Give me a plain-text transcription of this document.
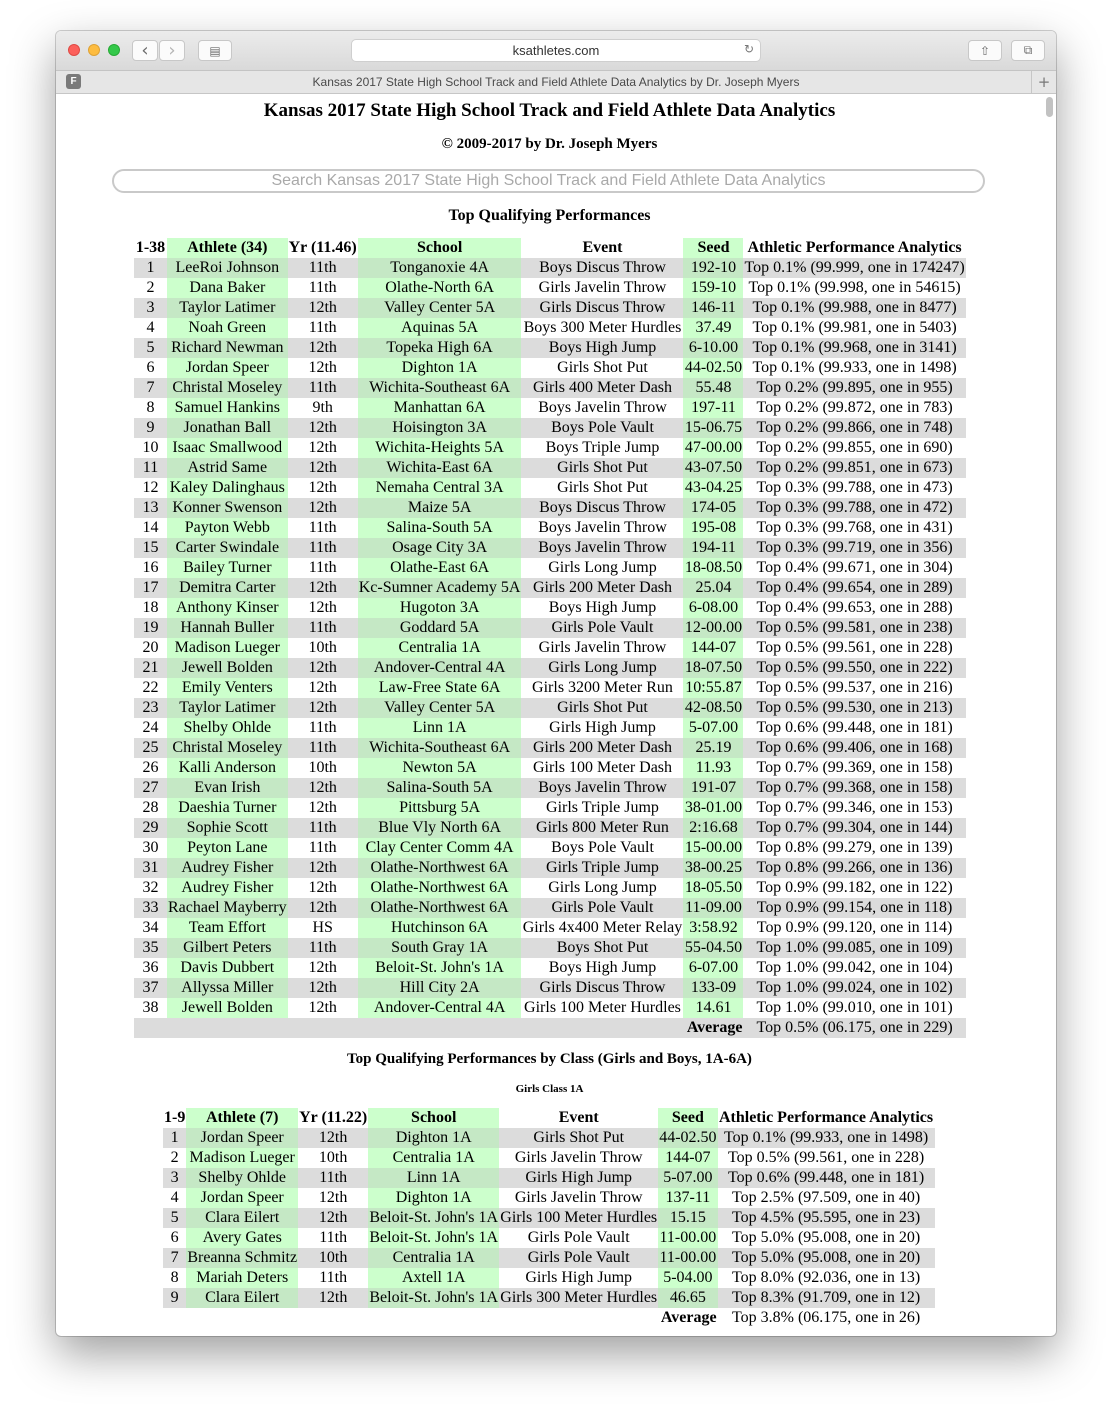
‹ ›	▤	ksathletes.com	↻	⇧	⧉
F	Kansas 2017 State High School Track and Field Athlete Data Analytics by Dr. Joseph Myers	+
Kansas 2017 State High School Track and Field Athlete Data Analytics
© 2009-2017 by Dr. Joseph Myers
Search Kansas 2017 State High School Track and Field Athlete Data Analytics
Top Qualifying Performances
1-38	Athlete (34)	Yr (11.46)	School	Event	Seed	Athletic Performance Analytics
1	LeeRoi Johnson	11th	Tonganoxie 4A	Boys Discus Throw	192-10	Top 0.1% (99.999, one in 174247)
2	Dana Baker	11th	Olathe-North 6A	Girls Javelin Throw	159-10	Top 0.1% (99.998, one in 54615)
3	Taylor Latimer	12th	Valley Center 5A	Girls Discus Throw	146-11	Top 0.1% (99.988, one in 8477)
4	Noah Green	11th	Aquinas 5A	Boys 300 Meter Hurdles	37.49	Top 0.1% (99.981, one in 5403)
5	Richard Newman	12th	Topeka High 6A	Boys High Jump	6-10.00	Top 0.1% (99.968, one in 3141)
6	Jordan Speer	12th	Dighton 1A	Girls Shot Put	44-02.50	Top 0.1% (99.933, one in 1498)
7	Christal Moseley	11th	Wichita-Southeast 6A	Girls 400 Meter Dash	55.48	Top 0.2% (99.895, one in 955)
8	Samuel Hankins	9th	Manhattan 6A	Boys Javelin Throw	197-11	Top 0.2% (99.872, one in 783)
9	Jonathan Ball	12th	Hoisington 3A	Boys Pole Vault	15-06.75	Top 0.2% (99.866, one in 748)
10	Isaac Smallwood	12th	Wichita-Heights 5A	Boys Triple Jump	47-00.00	Top 0.2% (99.855, one in 690)
11	Astrid Same	12th	Wichita-East 6A	Girls Shot Put	43-07.50	Top 0.2% (99.851, one in 673)
12	Kaley Dalinghaus	12th	Nemaha Central 3A	Girls Shot Put	43-04.25	Top 0.3% (99.788, one in 473)
13	Konner Swenson	12th	Maize 5A	Boys Discus Throw	174-05	Top 0.3% (99.788, one in 472)
14	Payton Webb	11th	Salina-South 5A	Boys Javelin Throw	195-08	Top 0.3% (99.768, one in 431)
15	Carter Swindale	11th	Osage City 3A	Boys Javelin Throw	194-11	Top 0.3% (99.719, one in 356)
16	Bailey Turner	11th	Olathe-East 6A	Girls Long Jump	18-08.50	Top 0.4% (99.671, one in 304)
17	Demitra Carter	12th	Kc-Sumner Academy 5A	Girls 200 Meter Dash	25.04	Top 0.4% (99.654, one in 289)
18	Anthony Kinser	12th	Hugoton 3A	Boys High Jump	6-08.00	Top 0.4% (99.653, one in 288)
19	Hannah Buller	11th	Goddard 5A	Girls Pole Vault	12-00.00	Top 0.5% (99.581, one in 238)
20	Madison Lueger	10th	Centralia 1A	Girls Javelin Throw	144-07	Top 0.5% (99.561, one in 228)
21	Jewell Bolden	12th	Andover-Central 4A	Girls Long Jump	18-07.50	Top 0.5% (99.550, one in 222)
22	Emily Venters	12th	Law-Free State 6A	Girls 3200 Meter Run	10:55.87	Top 0.5% (99.537, one in 216)
23	Taylor Latimer	12th	Valley Center 5A	Girls Shot Put	42-08.50	Top 0.5% (99.530, one in 213)
24	Shelby Ohlde	11th	Linn 1A	Girls High Jump	5-07.00	Top 0.6% (99.448, one in 181)
25	Christal Moseley	11th	Wichita-Southeast 6A	Girls 200 Meter Dash	25.19	Top 0.6% (99.406, one in 168)
26	Kalli Anderson	10th	Newton 5A	Girls 100 Meter Dash	11.93	Top 0.7% (99.369, one in 158)
27	Evan Irish	12th	Salina-South 5A	Boys Javelin Throw	191-07	Top 0.7% (99.368, one in 158)
28	Daeshia Turner	12th	Pittsburg 5A	Girls Triple Jump	38-01.00	Top 0.7% (99.346, one in 153)
29	Sophie Scott	11th	Blue Vly North 6A	Girls 800 Meter Run	2:16.68	Top 0.7% (99.304, one in 144)
30	Peyton Lane	11th	Clay Center Comm 4A	Boys Pole Vault	15-00.00	Top 0.8% (99.279, one in 139)
31	Audrey Fisher	12th	Olathe-Northwest 6A	Girls Triple Jump	38-00.25	Top 0.8% (99.266, one in 136)
32	Audrey Fisher	12th	Olathe-Northwest 6A	Girls Long Jump	18-05.50	Top 0.9% (99.182, one in 122)
33	Rachael Mayberry	12th	Olathe-Northwest 6A	Girls Pole Vault	11-09.00	Top 0.9% (99.154, one in 118)
34	Team Effort	HS	Hutchinson 6A	Girls 4x400 Meter Relay	3:58.92	Top 0.9% (99.120, one in 114)
35	Gilbert Peters	11th	South Gray 1A	Boys Shot Put	55-04.50	Top 1.0% (99.085, one in 109)
36	Davis Dubbert	12th	Beloit-St. John's 1A	Boys High Jump	6-07.00	Top 1.0% (99.042, one in 104)
37	Allyssa Miller	12th	Hill City 2A	Girls Discus Throw	133-09	Top 1.0% (99.024, one in 102)
38	Jewell Bolden	12th	Andover-Central 4A	Girls 100 Meter Hurdles	14.61	Top 1.0% (99.010, one in 101)
					Average	Top 0.5% (06.175, one in 229)
Top Qualifying Performances by Class (Girls and Boys, 1A-6A)
Girls Class 1A
1-9	Athlete (7)	Yr (11.22)	School	Event	Seed	Athletic Performance Analytics
1	Jordan Speer	12th	Dighton 1A	Girls Shot Put	44-02.50	Top 0.1% (99.933, one in 1498)
2	Madison Lueger	10th	Centralia 1A	Girls Javelin Throw	144-07	Top 0.5% (99.561, one in 228)
3	Shelby Ohlde	11th	Linn 1A	Girls High Jump	5-07.00	Top 0.6% (99.448, one in 181)
4	Jordan Speer	12th	Dighton 1A	Girls Javelin Throw	137-11	Top 2.5% (97.509, one in 40)
5	Clara Eilert	12th	Beloit-St. John's 1A	Girls 100 Meter Hurdles	15.15	Top 4.5% (95.595, one in 23)
6	Avery Gates	11th	Beloit-St. John's 1A	Girls Pole Vault	11-00.00	Top 5.0% (95.008, one in 20)
7	Breanna Schmitz	10th	Centralia 1A	Girls Pole Vault	11-00.00	Top 5.0% (95.008, one in 20)
8	Mariah Deters	11th	Axtell 1A	Girls High Jump	5-04.00	Top 8.0% (92.036, one in 13)
9	Clara Eilert	12th	Beloit-St. John's 1A	Girls 300 Meter Hurdles	46.65	Top 8.3% (91.709, one in 12)
					Average	Top 3.8% (06.175, one in 26)
